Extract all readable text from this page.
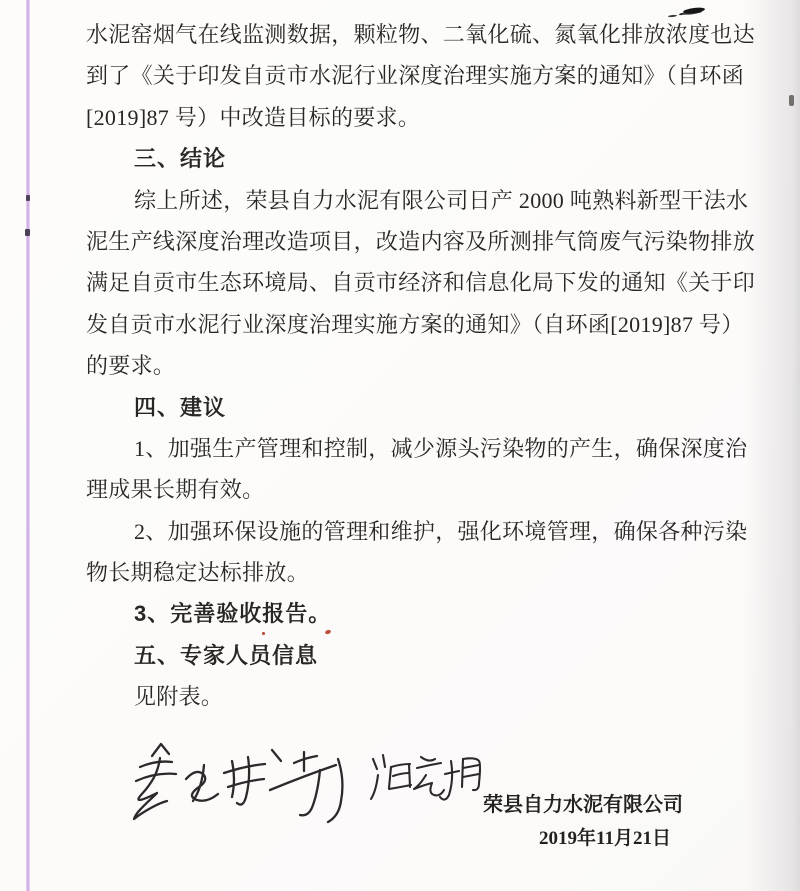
水泥窑烟气在线监测数据，颗粒物、二氧化硫、氮氧化排放浓度也达
到了《关于印发自贡市水泥行业深度治理实施方案的通知》（自环函
[2019]87 号）中改造目标的要求。
三、结论
综上所述，荣县自力水泥有限公司日产 2000 吨熟料新型干法水
泥生产线深度治理改造项目，改造内容及所测排气筒废气污染物排放
满足自贡市生态环境局、自贡市经济和信息化局下发的通知《关于印
发自贡市水泥行业深度治理实施方案的通知》（自环函[2019]87 号）
的要求。
四、建议
1、加强生产管理和控制，减少源头污染物的产生，确保深度治
理成果长期有效。
2、加强环保设施的管理和维护，强化环境管理，确保各种污染
物长期稳定达标排放。
3、完善验收报告。
五、专家人员信息
见附表。
荣县自力水泥有限公司
2019年11月21日
